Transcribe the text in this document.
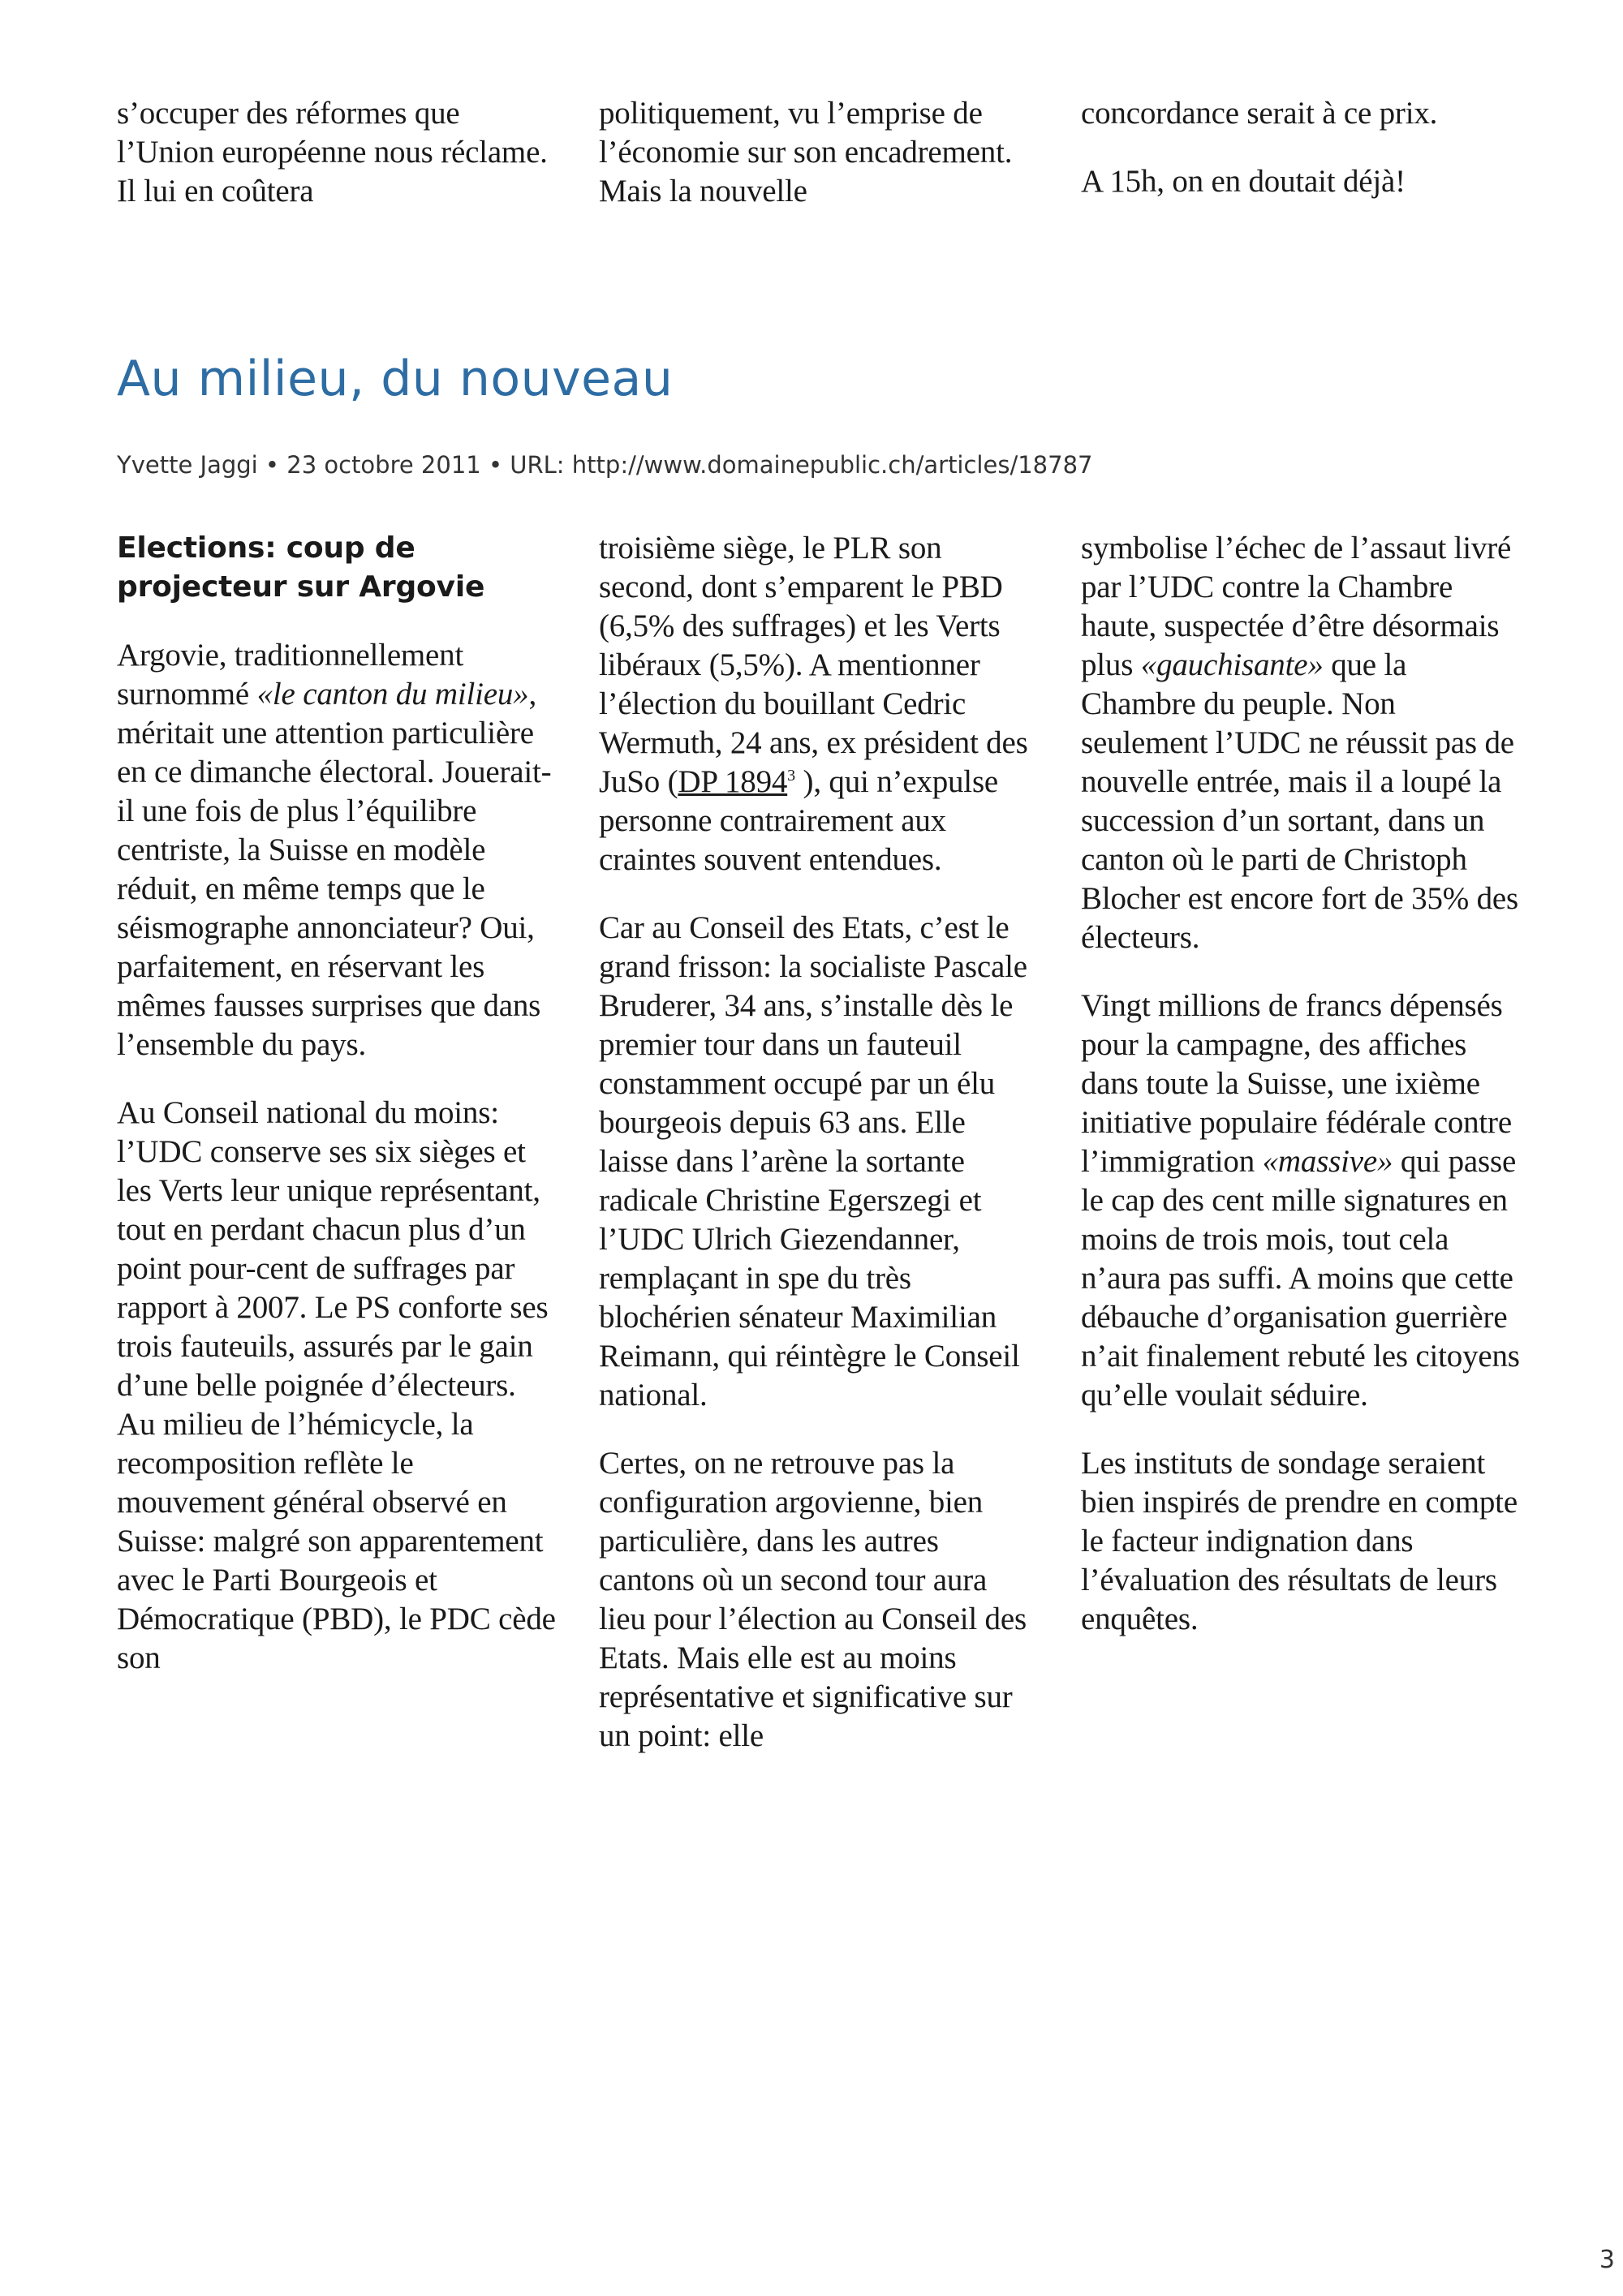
s’occuper des réformes que l’Union européenne nous réclame. Il lui en coûtera

politiquement, vu l’emprise de l’économie sur son encadrement. Mais la nouvelle

concordance serait à ce prix.

A 15h, on en doutait déjà!

Au milieu, du nouveau
Yvette Jaggi • 23 octobre 2011 • URL: http://www.domainepublic.ch/articles/18787
Elections: coup de projecteur sur Argovie

Argovie, traditionnellement surnommé «le canton du milieu», méritait une attention particulière en ce dimanche électoral. Jouerait-il une fois de plus l’équilibre centriste, la Suisse en modèle réduit, en même temps que le séismographe annonciateur? Oui, parfaitement, en réservant les mêmes fausses surprises que dans l’ensemble du pays.

Au Conseil national du moins: l’UDC conserve ses six sièges et les Verts leur unique représentant, tout en perdant chacun plus d’un point pour-cent de suffrages par rapport à 2007. Le PS conforte ses trois fauteuils, assurés par le gain d’une belle poignée d’électeurs. Au milieu de l’hémicycle, la recomposition reflète le mouvement général observé en Suisse: malgré son apparentement avec le Parti Bourgeois et Démocratique (PBD), le PDC cède son

troisième siège, le PLR son second, dont s’emparent le PBD (6,5% des suffrages) et les Verts libéraux (5,5%). A mentionner l’élection du bouillant Cedric Wermuth, 24 ans, ex président des JuSo (DP 1894$^3$ ), qui n’expulse personne contrairement aux craintes souvent entendues.

Car au Conseil des Etats, c’est le grand frisson: la socialiste Pascale Bruderer, 34 ans, s’installe dès le premier tour dans un fauteuil constamment occupé par un élu bourgeois depuis 63 ans. Elle laisse dans l’arène la sortante radicale Christine Egerszegi et l’UDC Ulrich Giezendanner, remplaçant in spe du très blochérien sénateur Maximilian Reimann, qui réintègre le Conseil national.

Certes, on ne retrouve pas la configuration argovienne, bien particulière, dans les autres cantons où un second tour aura lieu pour l’élection au Conseil des Etats. Mais elle est au moins représentative et significative sur un point: elle

symbolise l’échec de l’assaut livré par l’UDC contre la Chambre haute, suspectée d’être désormais plus «gauchisante» que la Chambre du peuple. Non seulement l’UDC ne réussit pas de nouvelle entrée, mais il a loupé la succession d’un sortant, dans un canton où le parti de Christoph Blocher est encore fort de 35% des électeurs.

Vingt millions de francs dépensés pour la campagne, des affiches dans toute la Suisse, une ixième initiative populaire fédérale contre l’immigration «massive» qui passe le cap des cent mille signatures en moins de trois mois, tout cela n’aura pas suffi. A moins que cette débauche d’organisation guerrière n’ait finalement rebuté les citoyens qu’elle voulait séduire.

Les instituts de sondage seraient bien inspirés de prendre en compte le facteur indignation dans l’évaluation des résultats de leurs enquêtes.

3
